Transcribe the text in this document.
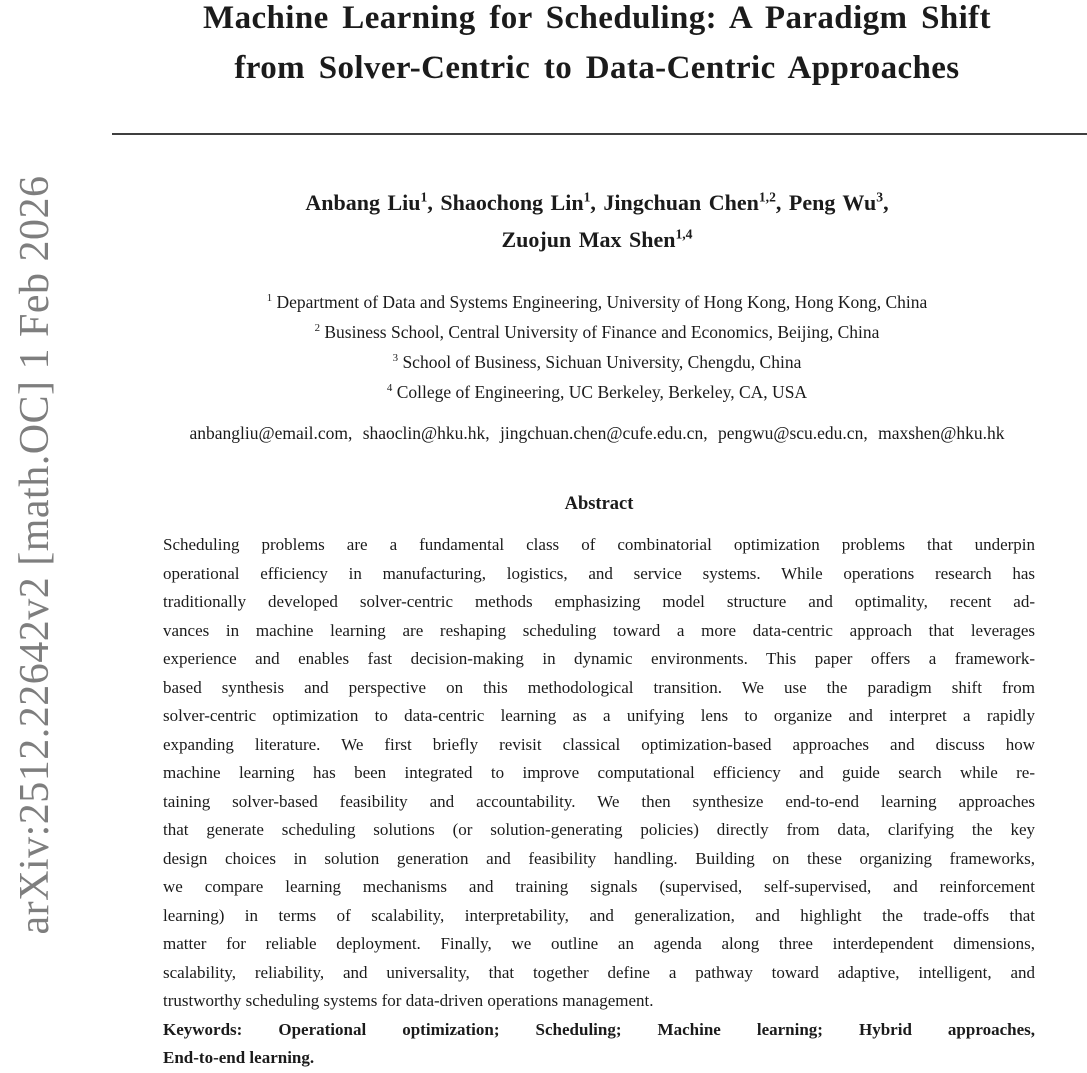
arXiv:2512.22642v2 [math.OC] 1 Feb 2026
Machine Learning for Scheduling: A Paradigm Shift
from Solver-Centric to Data-Centric Approaches
Anbang Liu$^1$, Shaochong Lin$^1$, Jingchuan Chen$^{1,2}$, Peng Wu$^3$,
Zuojun Max Shen$^{1,4}$
$^1$ Department of Data and Systems Engineering, University of Hong Kong, Hong Kong, China
$^2$ Business School, Central University of Finance and Economics, Beijing, China
$^3$ School of Business, Sichuan University, Chengdu, China
$^4$ College of Engineering, UC Berkeley, Berkeley, CA, USA
anbangliu@email.com, shaoclin@hku.hk, jingchuan.chen@cufe.edu.cn, pengwu@scu.edu.cn, maxshen@hku.hk
Abstract
Scheduling problems are a fundamental class of combinatorial optimization problems that underpin
operational efficiency in manufacturing, logistics, and service systems. While operations research has
traditionally developed solver-centric methods emphasizing model structure and optimality, recent ad-
vances in machine learning are reshaping scheduling toward a more data-centric approach that leverages
experience and enables fast decision-making in dynamic environments. This paper offers a framework-
based synthesis and perspective on this methodological transition. We use the paradigm shift from
solver-centric optimization to data-centric learning as a unifying lens to organize and interpret a rapidly
expanding literature. We first briefly revisit classical optimization-based approaches and discuss how
machine learning has been integrated to improve computational efficiency and guide search while re-
taining solver-based feasibility and accountability. We then synthesize end-to-end learning approaches
that generate scheduling solutions (or solution-generating policies) directly from data, clarifying the key
design choices in solution generation and feasibility handling. Building on these organizing frameworks,
we compare learning mechanisms and training signals (supervised, self-supervised, and reinforcement
learning) in terms of scalability, interpretability, and generalization, and highlight the trade-offs that
matter for reliable deployment. Finally, we outline an agenda along three interdependent dimensions,
scalability, reliability, and universality, that together define a pathway toward adaptive, intelligent, and
trustworthy scheduling systems for data-driven operations management.
Keywords: Operational optimization; Scheduling; Machine learning; Hybrid approaches,
End-to-end learning.
